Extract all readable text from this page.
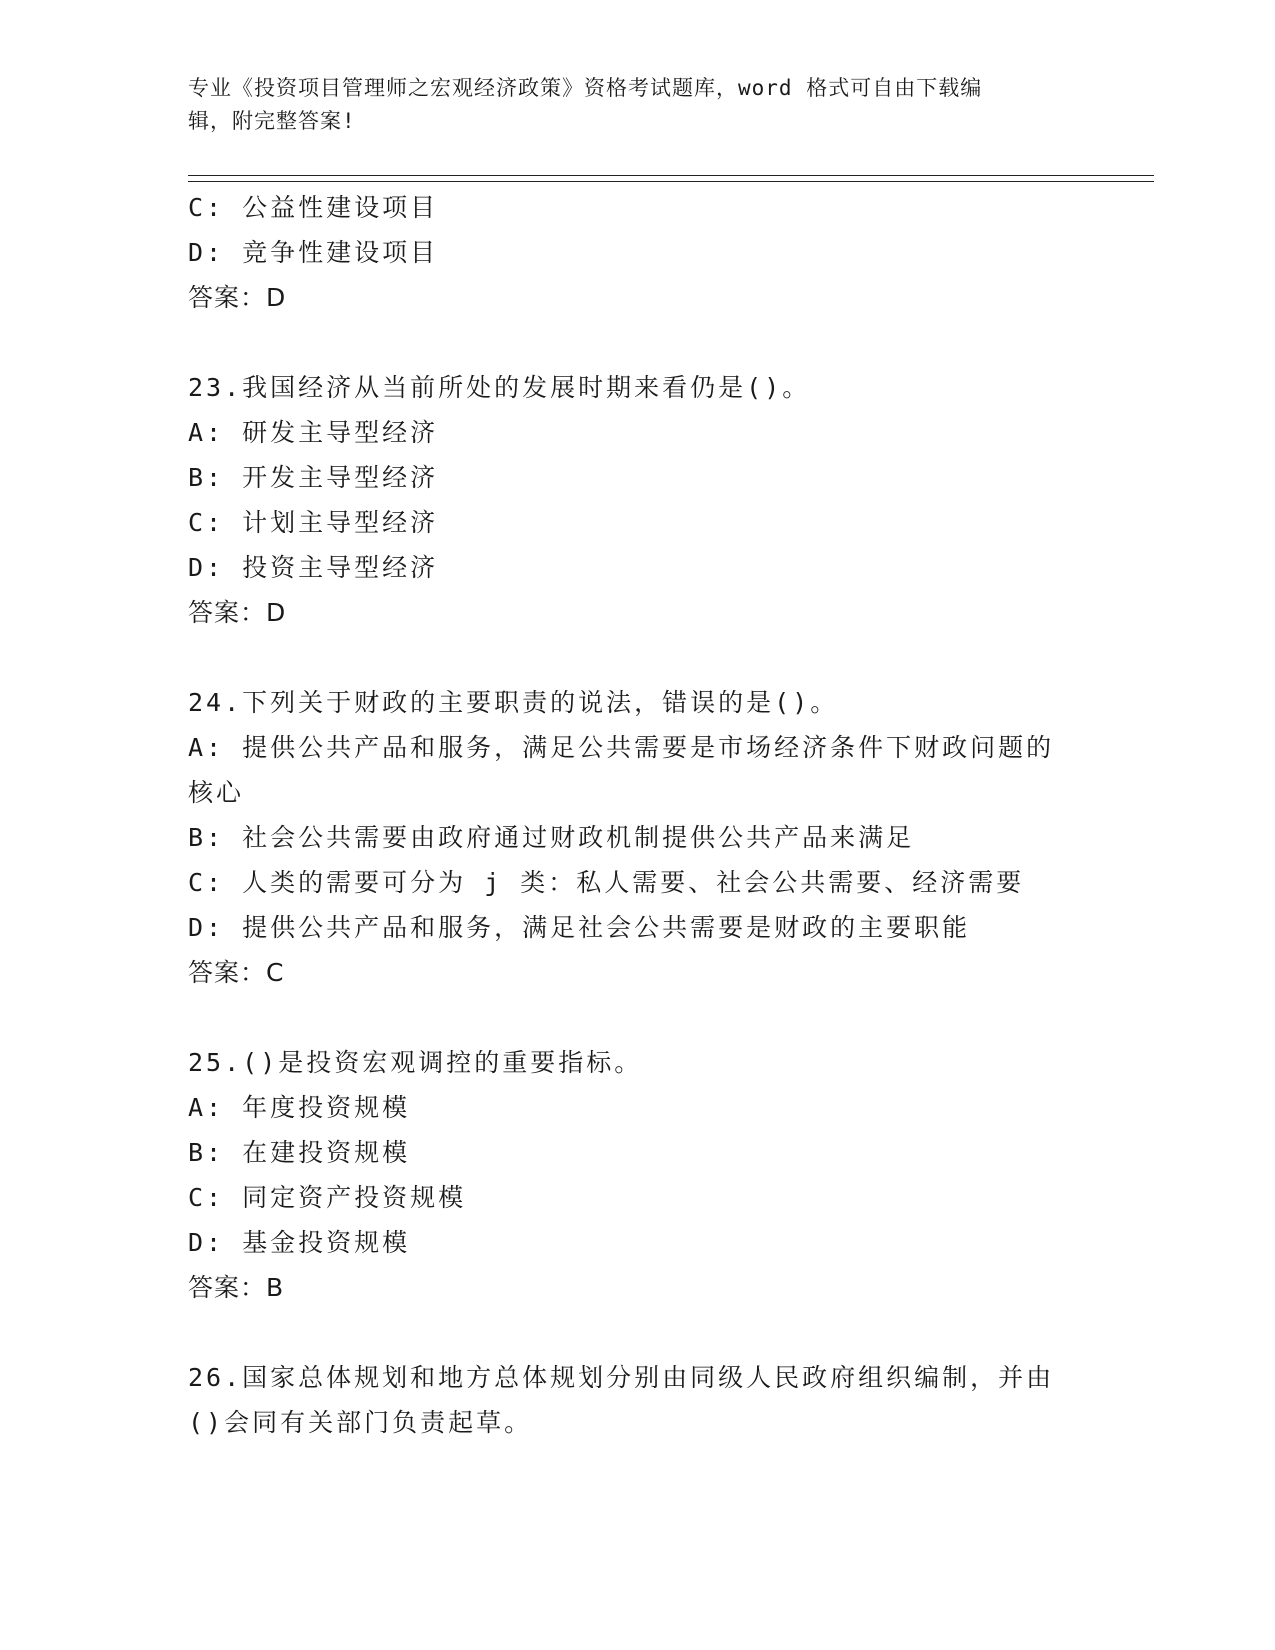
专业《投资项目管理师之宏观经济政策》资格考试题库，word 格式可自由下载编
辑，附完整答案!
C: 公益性建设项目
D: 竞争性建设项目
答案：D
23.我国经济从当前所处的发展时期来看仍是()。
A: 研发主导型经济
B: 开发主导型经济
C: 计划主导型经济
D: 投资主导型经济
答案：D
24.下列关于财政的主要职责的说法，错误的是()。
A: 提供公共产品和服务，满足公共需要是市场经济条件下财政问题的
核心
B: 社会公共需要由政府通过财政机制提供公共产品来满足
C: 人类的需要可分为 j 类：私人需要、社会公共需要、经济需要
D: 提供公共产品和服务，满足社会公共需要是财政的主要职能
答案：C
25.()是投资宏观调控的重要指标。
A: 年度投资规模
B: 在建投资规模
C: 同定资产投资规模
D: 基金投资规模
答案：B
26.国家总体规划和地方总体规划分别由同级人民政府组织编制，并由
()会同有关部门负责起草。
